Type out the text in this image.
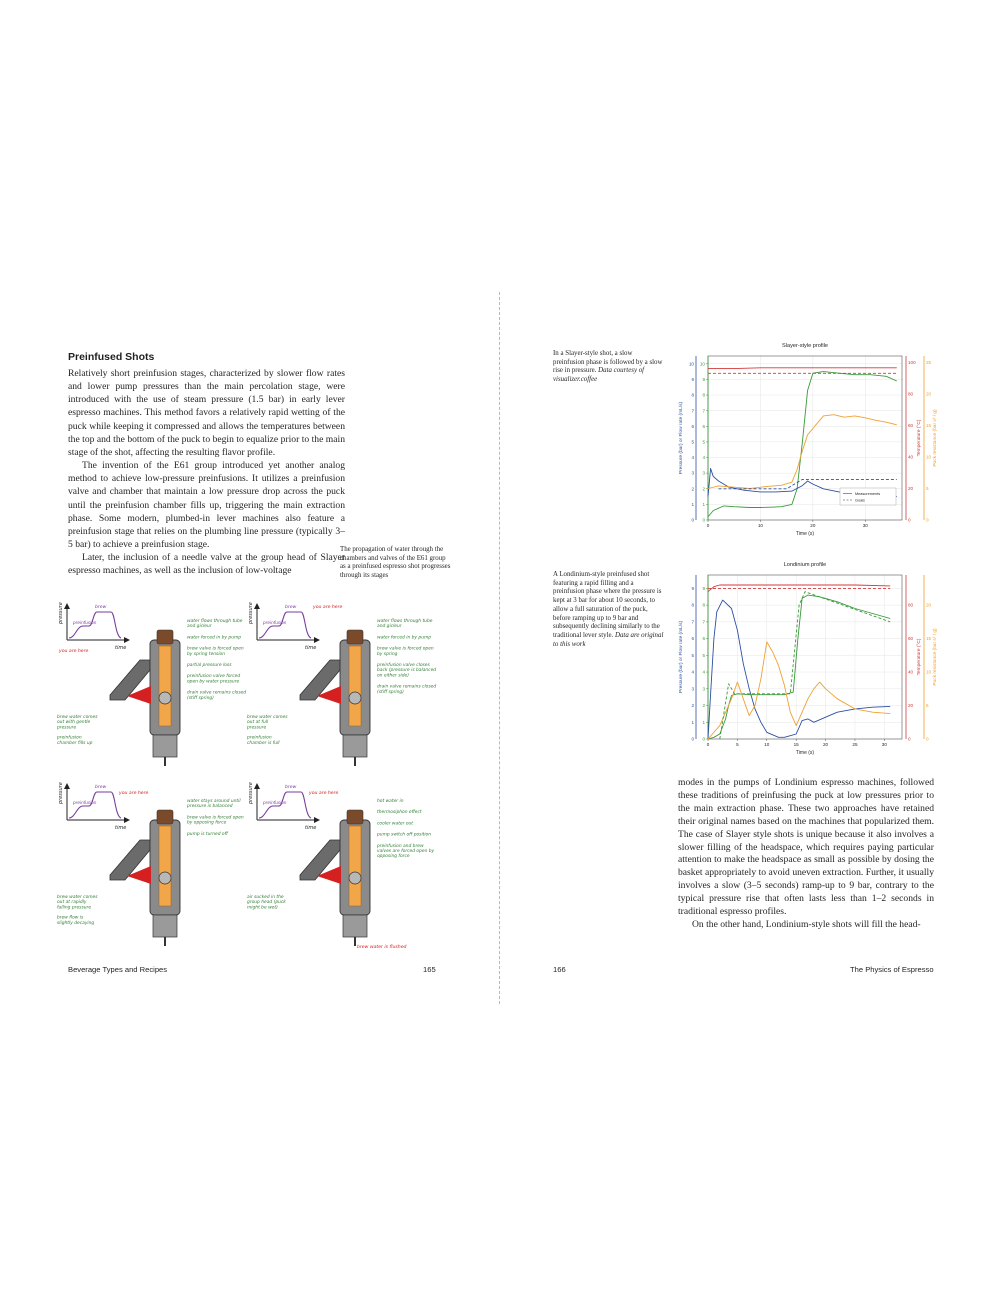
Preinfused Shots

Relatively short preinfusion stages, characterized by slower flow rates and lower pump pressures than the main percolation stage, were introduced with the use of steam pressure (1.5 bar) in early lever espresso machines. This method favors a relatively rapid wetting of the puck while keeping it compressed and allows the temperatures between the top and the bottom of the puck to begin to equalize prior to the main stage of the shot, affecting the resulting flavor profile.

The invention of the E61 group introduced yet another analog method to achieve low-pressure preinfusions. It utilizes a preinfusion valve and chamber that maintain a low pressure drop across the puck until the preinfusion chamber fills up, triggering the main extraction phase. Some modern, plumbed-in lever machines also feature a preinfusion stage that relies on the plumbing line pressure (typically 3–5 bar) to achieve a preinfusion stage.

Later, the inclusion of a needle valve at the group head of Slayer espresso machines, as well as the inclusion of low-voltage

The propagation of water through the chambers and valves of the E61 group as a preinfused espresso shot progresses through its stages
pressure
time
brew
preinfusion
you are here
water flows through tube
and gicleur
water forced in by pump
brew valve is forced open
by spring tension
partial pressure loss
preinfusion valve forced
open by water pressure
drain valve remains closed
(stiff spring)
brew water comes
out with gentle
pressure
preinfusion
chamber fills up
pressure
time
brew
preinfusion
you are here
water flows through tube
and gicleur
water forced in by pump
brew valve is forced open
by spring
preinfusion valve closes
back (pressure is balanced
on either side)
drain valve remains closed
(stiff spring)
brew water comes
out at full
pressure
preinfusion
chamber is full
pressure
time
brew
preinfusion
you are here
water stays around until
pressure is balanced
brew valve is forced open
by opposing force
pump is turned off
brew water comes
out at rapidly
falling pressure
brew flow is
slightly decaying
pressure
time
brew
preinfusion
you are here
hot water in
thermosiphon effect
cooler water out
pump switch off position
preinfusion and brew
valves are forced open by
opposing force
air sucked in the
group head (puck
might be wet)
brew water is flushed
Beverage Types and Recipes	165
In a Slayer-style shot, a slow preinfusion phase is followed by a slow rise in pressure. Data courtesy of visualizer.coffee
A Londinium-style preinfused shot featuring a rapid filling and a preinfusion phase where the pressure is kept at 3 bar for about 10 seconds, to allow a full saturation of the puck, before ramping up to 9 bar and subsequently declining similarly to the traditional lever style. Data are original to this work
Slayer-style profile
0
1
2
3
4
5
6
7
8
9
10
0
1
2
3
4
5
6
7
8
9
10
Pressure (bar) or Flow rate (mL/s)
0
20
40
60
80
100
Temperature (°C)
0
5
10
15
20
25
Puck resistance (bar s² / g)
0	10	20	30
Time (s)
Measurements
Goals
Londinium profile
0
1
2
3
4
5
6
7
8
9
0
1
2
3
4
5
6
7
8
9
Pressure (bar) or Flow rate (mL/s)
0
20
40
60
80
Temperature (°C)
0
5
10
15
20
Puck resistance (bar s² / g)
0	5	10	15	20	25	30
Time (s)

modes in the pumps of Londinium espresso machines, followed these traditions of preinfusing the puck at low pressures prior to the main extraction phase. These two approaches have retained their original names based on the machines that popularized them. The case of Slayer style shots is unique because it also involves a slower filling of the headspace, which requires paying particular attention to make the headspace as small as possible by dosing the basket appropriately to avoid uneven extraction. Further, it usually involves a slow (3–5 seconds) ramp-up to 9 bar, contrary to the typical pressure rise that often lasts less than 1–2 seconds in traditional espresso profiles.

On the other hand, Londinium-style shots will fill the head-

166	The Physics of Espresso
